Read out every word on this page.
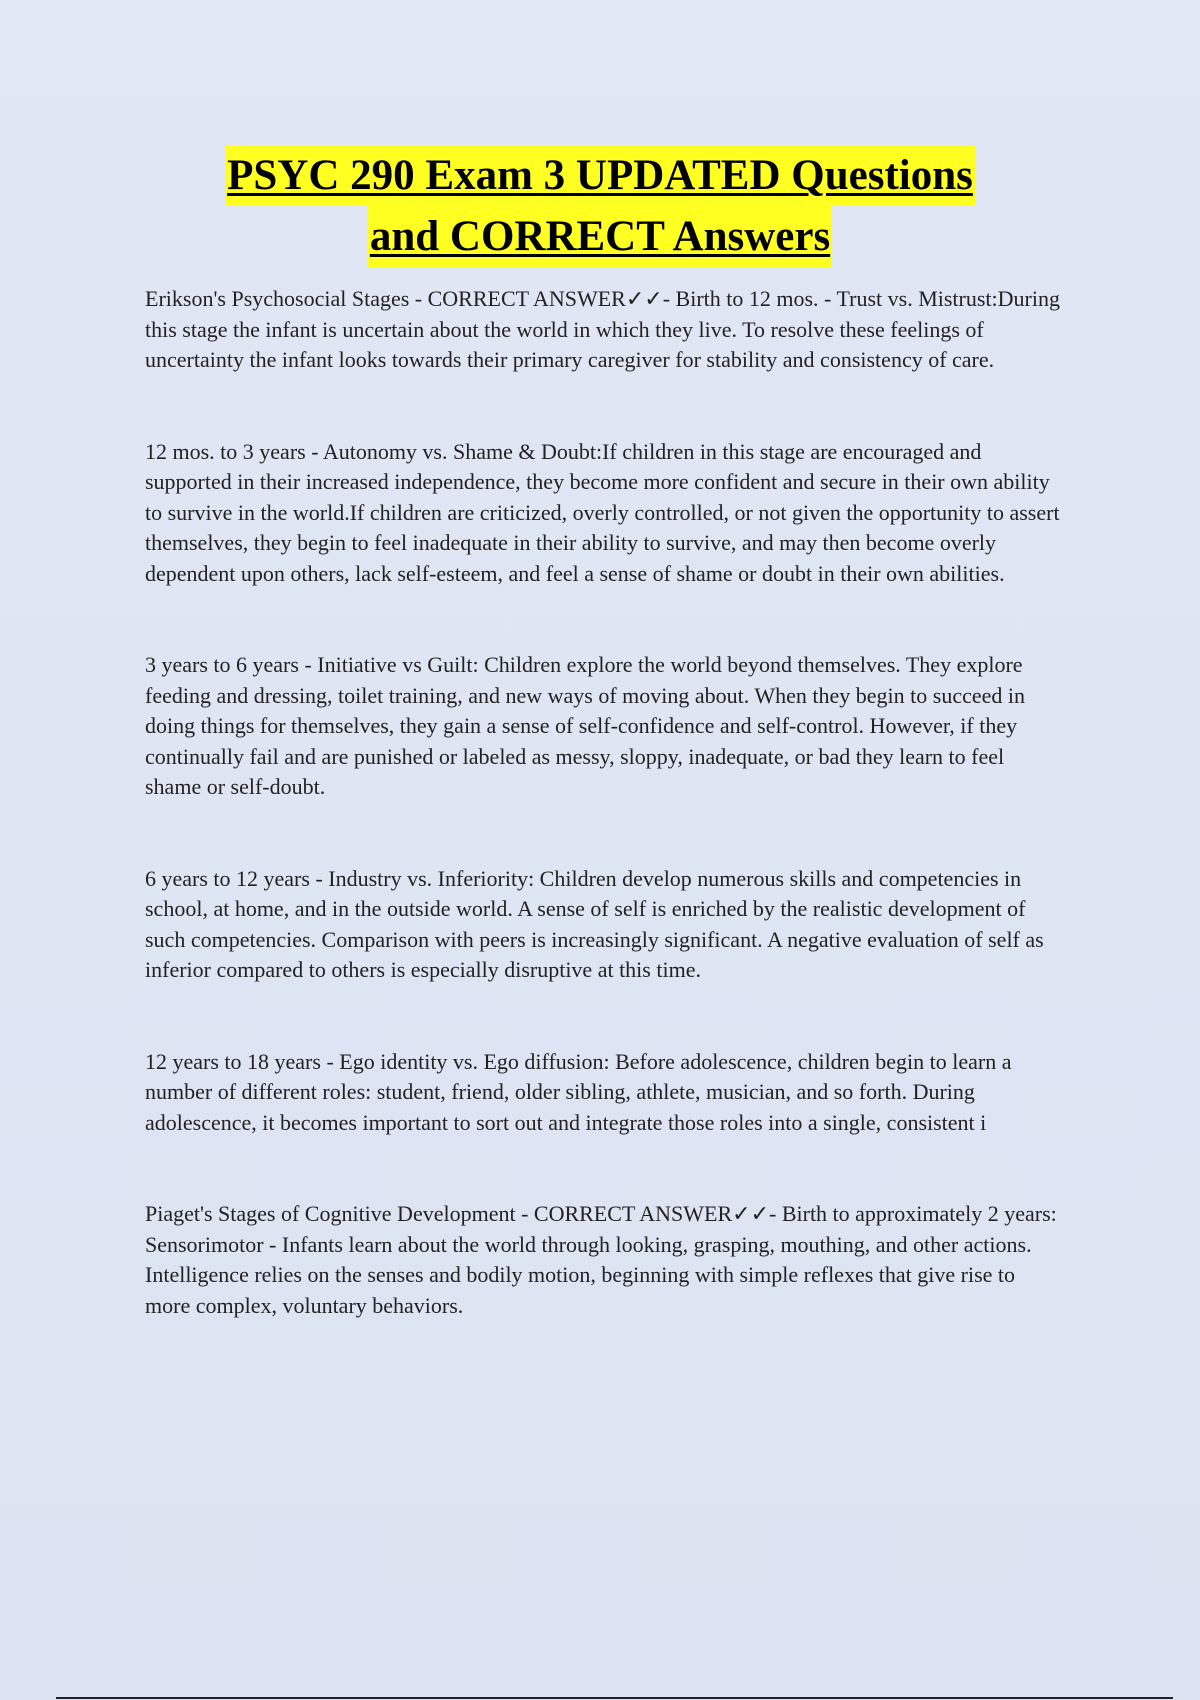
PSYC 290 Exam 3 UPDATED Questions
and CORRECT Answers

Erikson's Psychosocial Stages - CORRECT ANSWER✓✓- Birth to 12 mos. - Trust vs. Mistrust:During this stage the infant is uncertain about the world in which they live. To resolve these feelings of uncertainty the infant looks towards their primary caregiver for stability and consistency of care.

12 mos. to 3 years - Autonomy vs. Shame & Doubt:If children in this stage are encouraged and supported in their increased independence, they become more confident and secure in their own ability to survive in the world.If children are criticized, overly controlled, or not given the opportunity to assert themselves, they begin to feel inadequate in their ability to survive, and may then become overly dependent upon others, lack self-esteem, and feel a sense of shame or doubt in their own abilities.

3 years to 6 years - Initiative vs Guilt: Children explore the world beyond themselves. They explore feeding and dressing, toilet training, and new ways of moving about. When they begin to succeed in doing things for themselves, they gain a sense of self-confidence and self-control. However, if they continually fail and are punished or labeled as messy, sloppy, inadequate, or bad they learn to feel shame or self-doubt.

6 years to 12 years - Industry vs. Inferiority: Children develop numerous skills and competencies in school, at home, and in the outside world. A sense of self is enriched by the realistic development of such competencies. Comparison with peers is increasingly significant. A negative evaluation of self as inferior compared to others is especially disruptive at this time.

12 years to 18 years - Ego identity vs. Ego diffusion: Before adolescence, children begin to learn a number of different roles: student, friend, older sibling, athlete, musician, and so forth. During adolescence, it becomes important to sort out and integrate those roles into a single, consistent i

Piaget's Stages of Cognitive Development - CORRECT ANSWER✓✓- Birth to approximately 2 years: Sensorimotor - Infants learn about the world through looking, grasping, mouthing, and other actions. Intelligence relies on the senses and bodily motion, beginning with simple reflexes that give rise to more complex, voluntary behaviors.
